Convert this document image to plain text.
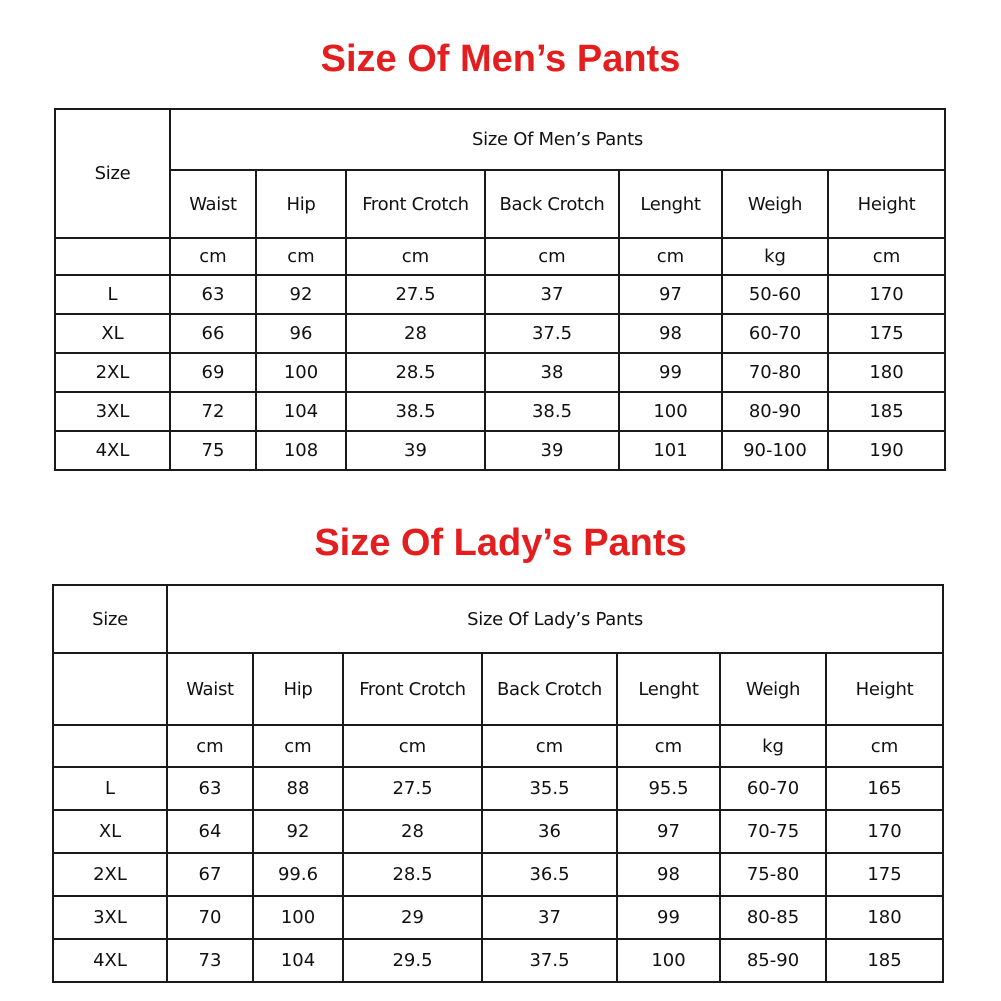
Size Of Men’s Pants
Size	Size Of Men’s Pants						
	Waist	Hip	Front Crotch	Back Crotch	Lenght	Weigh	Height
	cm	cm	cm	cm	cm	kg	cm
L	63	92	27.5	37	97	50-60	170
XL	66	96	28	37.5	98	60-70	175
2XL	69	100	28.5	38	99	70-80	180
3XL	72	104	38.5	38.5	100	80-90	185
4XL	75	108	39	39	101	90-100	190
Size Of Lady’s Pants
Size	Size Of Lady’s Pants						
	Waist	Hip	Front Crotch	Back Crotch	Lenght	Weigh	Height
	cm	cm	cm	cm	cm	kg	cm
L	63	88	27.5	35.5	95.5	60-70	165
XL	64	92	28	36	97	70-75	170
2XL	67	99.6	28.5	36.5	98	75-80	175
3XL	70	100	29	37	99	80-85	180
4XL	73	104	29.5	37.5	100	85-90	185
